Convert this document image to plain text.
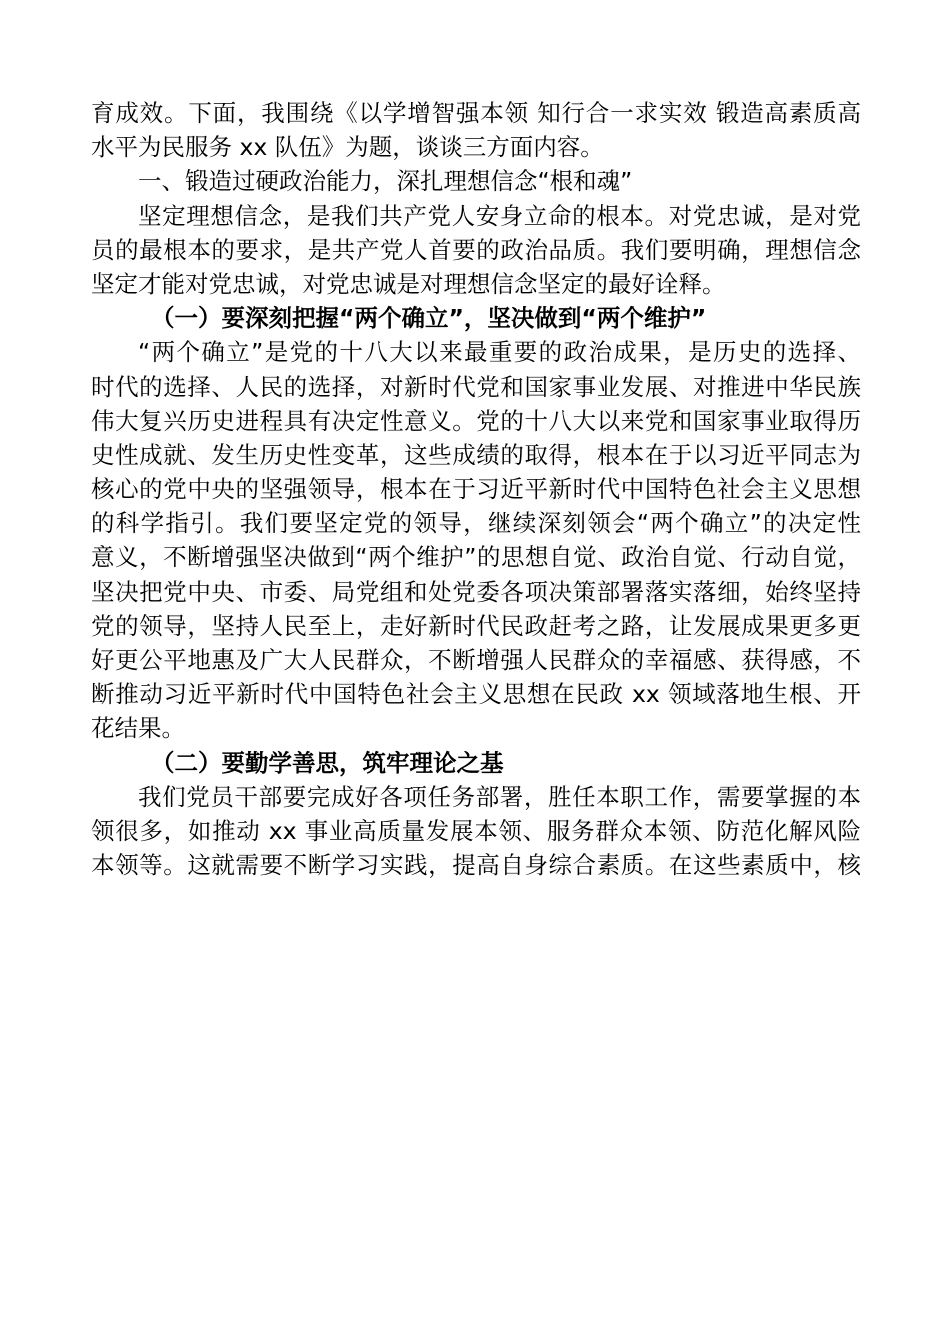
育成效。下面，我围绕《以学增智强本领 知行合一求实效 锻造高素质高
水平为民服务 xx 队伍》为题，谈谈三方面内容。
一、锻造过硬政治能力，深扎理想信念“根和魂”
坚定理想信念，是我们共产党人安身立命的根本。对党忠诚，是对党
员的最根本的要求，是共产党人首要的政治品质。我们要明确，理想信念
坚定才能对党忠诚，对党忠诚是对理想信念坚定的最好诠释。
（一）要深刻把握“两个确立”，坚决做到“两个维护”
“两个确立”是党的十八大以来最重要的政治成果，是历史的选择、
时代的选择、人民的选择，对新时代党和国家事业发展、对推进中华民族
伟大复兴历史进程具有决定性意义。党的十八大以来党和国家事业取得历
史性成就、发生历史性变革，这些成绩的取得，根本在于以习近平同志为
核心的党中央的坚强领导，根本在于习近平新时代中国特色社会主义思想
的科学指引。我们要坚定党的领导，继续深刻领会“两个确立”的决定性
意义，不断增强坚决做到“两个维护”的思想自觉、政治自觉、行动自觉，
坚决把党中央、市委、局党组和处党委各项决策部署落实落细，始终坚持
党的领导，坚持人民至上，走好新时代民政赶考之路，让发展成果更多更
好更公平地惠及广大人民群众，不断增强人民群众的幸福感、获得感，不
断推动习近平新时代中国特色社会主义思想在民政 xx 领域落地生根、开
花结果。
（二）要勤学善思，筑牢理论之基
我们党员干部要完成好各项任务部署，胜任本职工作，需要掌握的本
领很多，如推动 xx 事业高质量发展本领、服务群众本领、防范化解风险
本领等。这就需要不断学习实践，提高自身综合素质。在这些素质中，核
